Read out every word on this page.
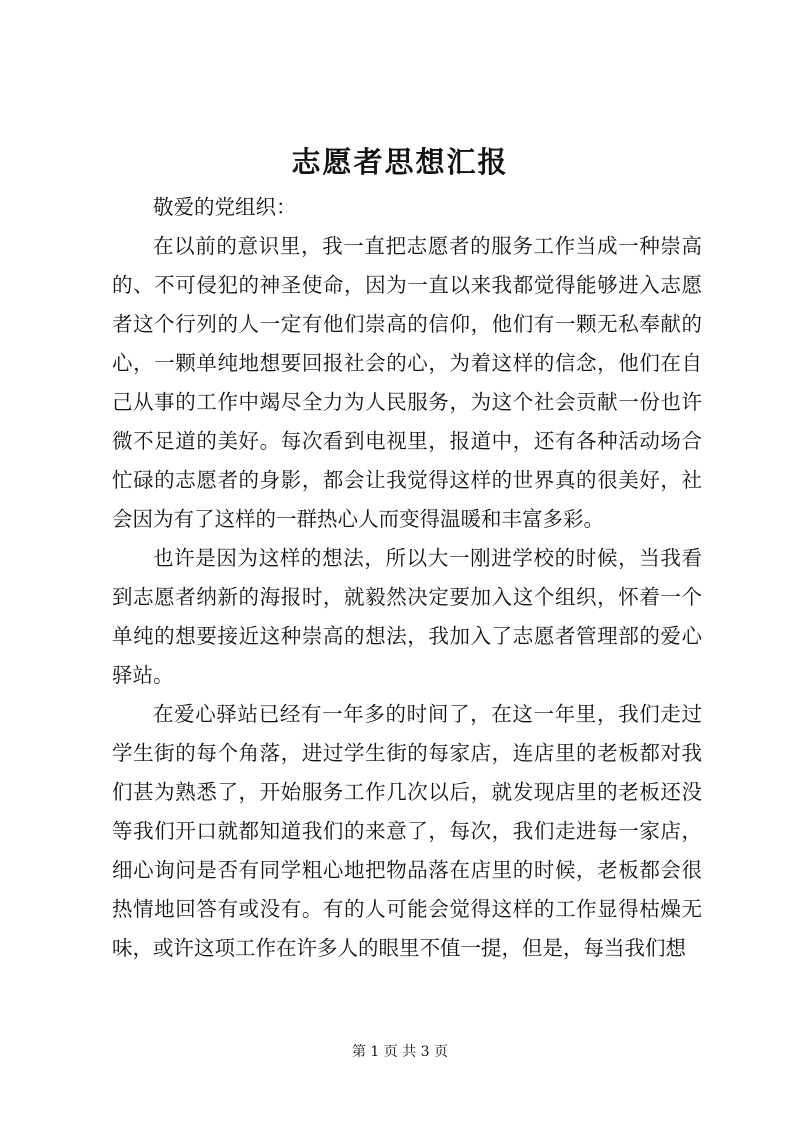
志愿者思想汇报

敬爱的党组织：

在以前的意识里，我一直把志愿者的服务工作当成一种崇高的、不可侵犯的神圣使命，因为一直以来我都觉得能够进入志愿者这个行列的人一定有他们崇高的信仰，他们有一颗无私奉献的心，一颗单纯地想要回报社会的心，为着这样的信念，他们在自己从事的工作中竭尽全力为人民服务，为这个社会贡献一份也许微不足道的美好。每次看到电视里，报道中，还有各种活动场合忙碌的志愿者的身影，都会让我觉得这样的世界真的很美好，社会因为有了这样的一群热心人而变得温暖和丰富多彩。

也许是因为这样的想法，所以大一刚进学校的时候，当我看到志愿者纳新的海报时，就毅然决定要加入这个组织，怀着一个单纯的想要接近这种崇高的想法，我加入了志愿者管理部的爱心驿站。

在爱心驿站已经有一年多的时间了，在这一年里，我们走过学生街的每个角落，进过学生街的每家店，连店里的老板都对我们甚为熟悉了，开始服务工作几次以后，就发现店里的老板还没等我们开口就都知道我们的来意了，每次，我们走进每一家店，细心询问是否有同学粗心地把物品落在店里的时候，老板都会很热情地回答有或没有。有的人可能会觉得这样的工作显得枯燥无味，或许这项工作在许多人的眼里不值一提，但是，每当我们想

第 1 页 共 3 页
